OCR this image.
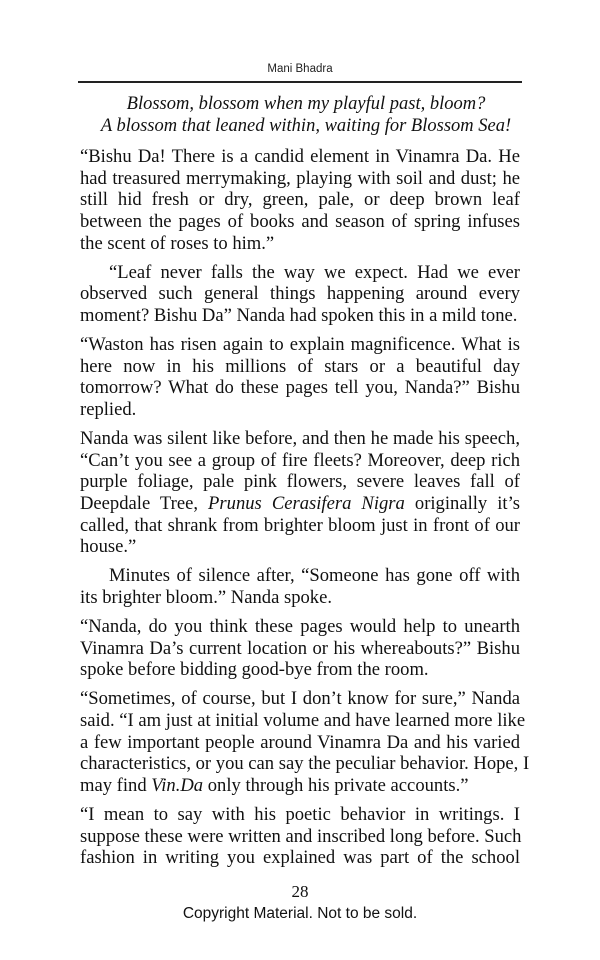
Mani Bhadra
Blossom, blossom when my playful past, bloom?
A blossom that leaned within, waiting for Blossom Sea!
“Bishu Da! There is a candid element in Vinamra Da. He
had treasured merrymaking, playing with soil and dust; he
still hid fresh or dry, green, pale, or deep brown leaf
between the pages of books and season of spring infuses
the scent of roses to him.”
“Leaf never falls the way we expect. Had we ever
observed such general things happening around every
moment? Bishu Da” Nanda had spoken this in a mild tone.
“Waston has risen again to explain magnificence. What is
here now in his millions of stars or a beautiful day
tomorrow? What do these pages tell you, Nanda?” Bishu
replied.
Nanda was silent like before, and then he made his speech,
“Can’t you see a group of fire fleets? Moreover, deep rich
purple foliage, pale pink flowers, severe leaves fall of
Deepdale Tree, Prunus Cerasifera Nigra originally it’s
called, that shrank from brighter bloom just in front of our
house.”
Minutes of silence after, “Someone has gone off with
its brighter bloom.” Nanda spoke.
“Nanda, do you think these pages would help to unearth
Vinamra Da’s current location or his whereabouts?” Bishu
spoke before bidding good-bye from the room.
“Sometimes, of course, but I don’t know for sure,” Nanda
said. “I am just at initial volume and have learned more like
a few important people around Vinamra Da and his varied
characteristics, or you can say the peculiar behavior. Hope, I
may find Vin.Da only through his private accounts.”
“I mean to say with his poetic behavior in writings. I
suppose these were written and inscribed long before. Such
fashion in writing you explained was part of the school
28
Copyright Material. Not to be sold.
